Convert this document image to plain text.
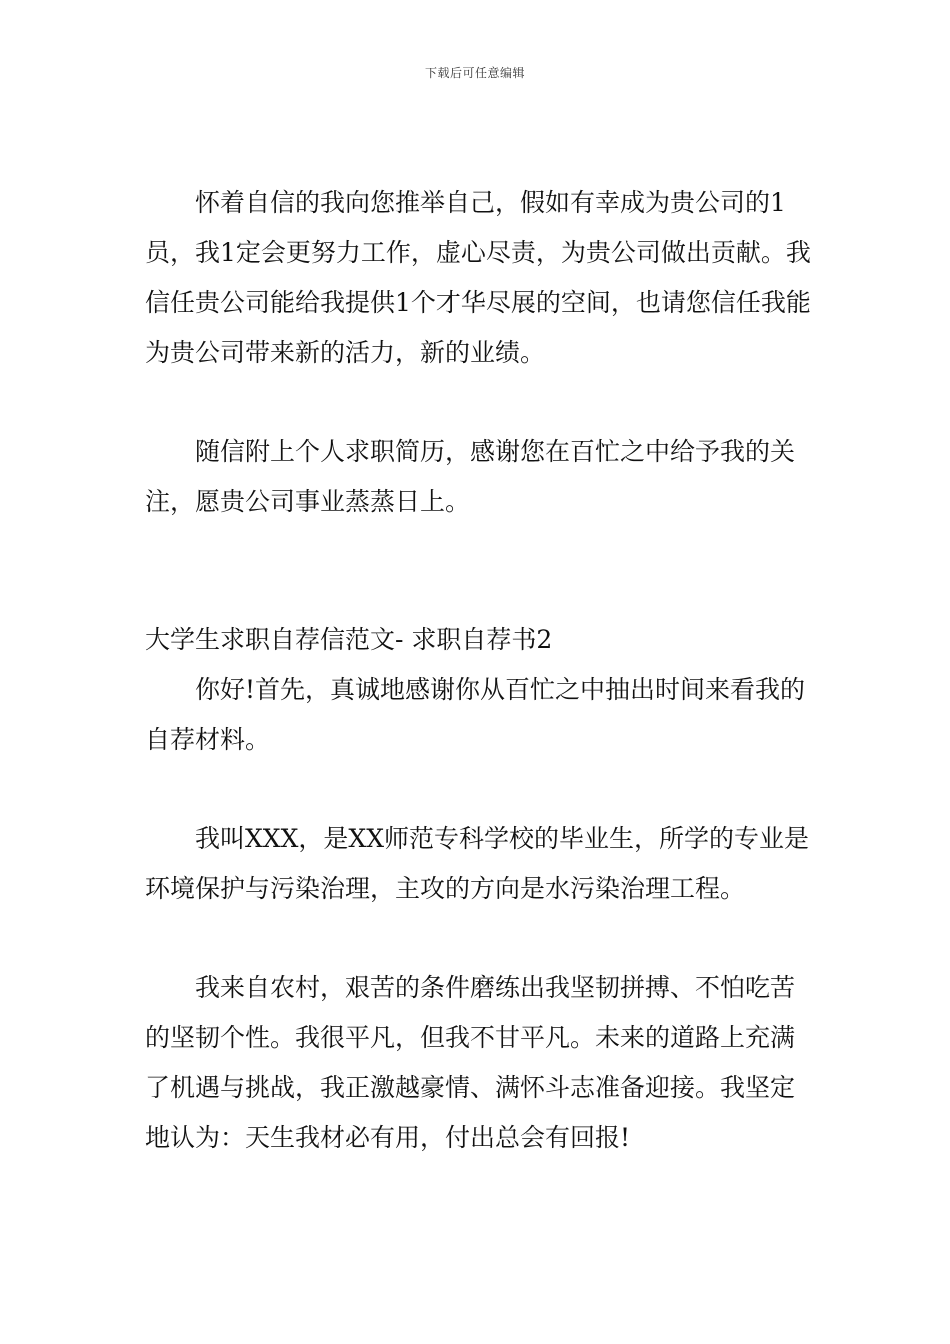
下载后可任意编辑

怀着自信的我向您推举自己，假如有幸成为贵公司的1员，我1定会更努力工作，虚心尽责，为贵公司做出贡献。我信任贵公司能给我提供1个才华尽展的空间，也请您信任我能为贵公司带来新的活力，新的业绩。

随信附上个人求职简历，感谢您在百忙之中给予我的关注，愿贵公司事业蒸蒸日上。

大学生求职自荐信范文- 求职自荐书2

你好!首先，真诚地感谢你从百忙之中抽出时间来看我的自荐材料。

我叫XXX，是XX师范专科学校的毕业生，所学的专业是环境保护与污染治理，主攻的方向是水污染治理工程。

我来自农村，艰苦的条件磨练出我坚韧拼搏、不怕吃苦的坚韧个性。我很平凡，但我不甘平凡。未来的道路上充满了机遇与挑战，我正激越豪情、满怀斗志准备迎接。我坚定地认为：天生我材必有用，付出总会有回报!
